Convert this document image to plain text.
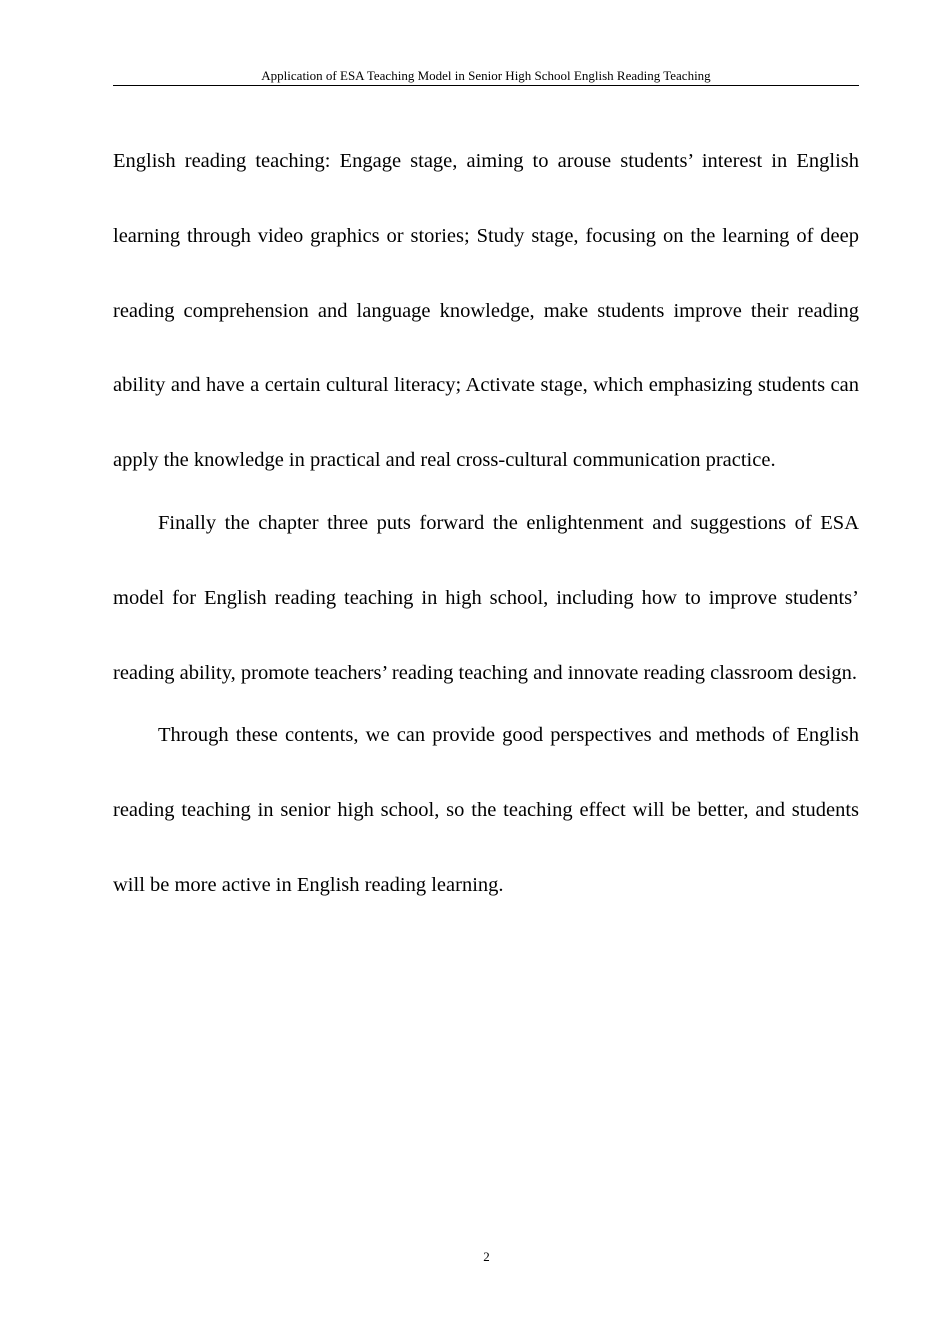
Application of ESA Teaching Model in Senior High School English Reading Teaching

English reading teaching: Engage stage, aiming to arouse students’ interest in English learning through video graphics or stories; Study stage, focusing on the learning of deep reading comprehension and language knowledge, make students improve their reading ability and have a certain cultural literacy; Activate stage, which emphasizing students can apply the knowledge in practical and real cross-cultural communication practice.

Finally the chapter three puts forward the enlightenment and suggestions of ESA model for English reading teaching in high school, including how to improve students’ reading ability, promote teachers’ reading teaching and innovate reading classroom design.

Through these contents, we can provide good perspectives and methods of English reading teaching in senior high school, so the teaching effect will be better, and students will be more active in English reading learning.

2
